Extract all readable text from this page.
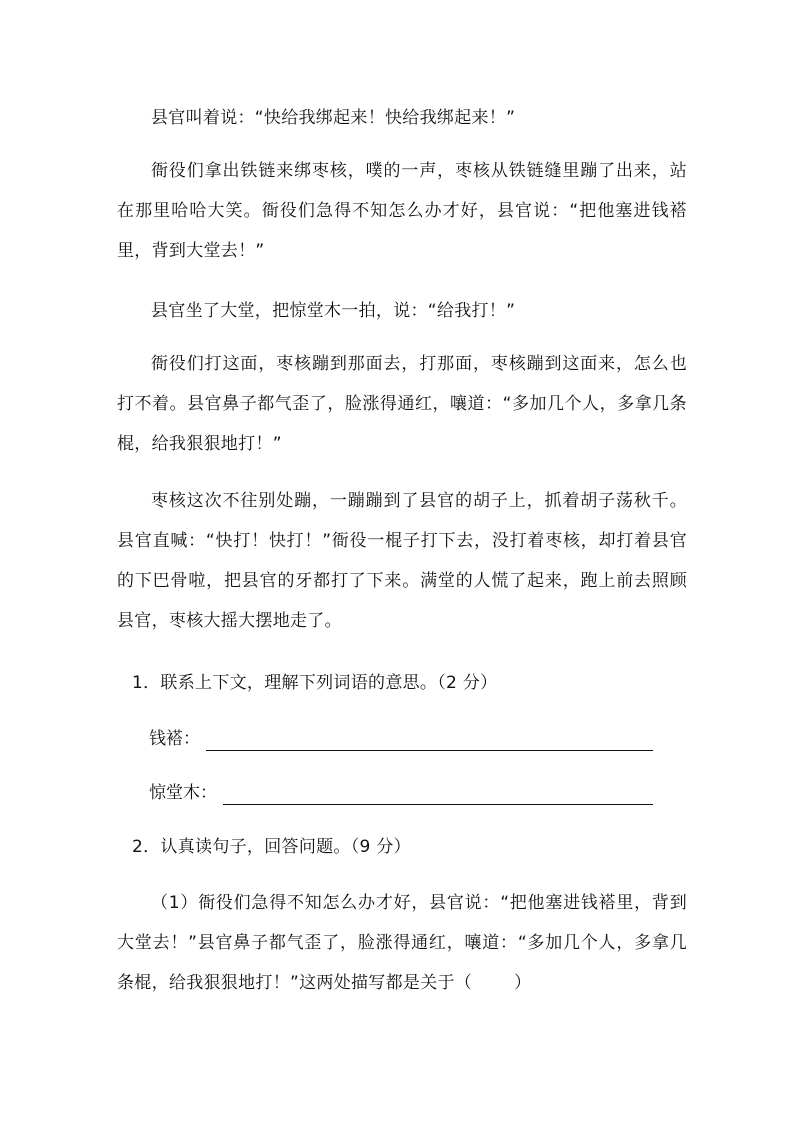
县官叫着说：“快给我绑起来！快给我绑起来！”

衙役们拿出铁链来绑枣核，噗的一声，枣核从铁链缝里蹦了出来，站在那里哈哈大笑。衙役们急得不知怎么办才好，县官说：“把他塞进钱褡里，背到大堂去！”

县官坐了大堂，把惊堂木一拍，说：“给我打！”

衙役们打这面，枣核蹦到那面去，打那面，枣核蹦到这面来，怎么也打不着。县官鼻子都气歪了，脸涨得通红，嚷道：“多加几个人，多拿几条棍，给我狠狠地打！”

枣核这次不往别处蹦，一蹦蹦到了县官的胡子上，抓着胡子荡秋千。县官直喊：“快打！快打！”衙役一棍子打下去，没打着枣核，却打着县官的下巴骨啦，把县官的牙都打了下来。满堂的人慌了起来，跑上前去照顾县官，枣核大摇大摆地走了。

1．联系上下文，理解下列词语的意思。（2 分）

钱褡：
惊堂木：

2．认真读句子，回答问题。（9 分）

（1）衙役们急得不知怎么办才好，县官说：“把他塞进钱褡里，背到大堂去！”县官鼻子都气歪了，脸涨得通红，嚷道：“多加几个人，多拿几条棍，给我狠狠地打！”这两处描写都是关于（ ）
